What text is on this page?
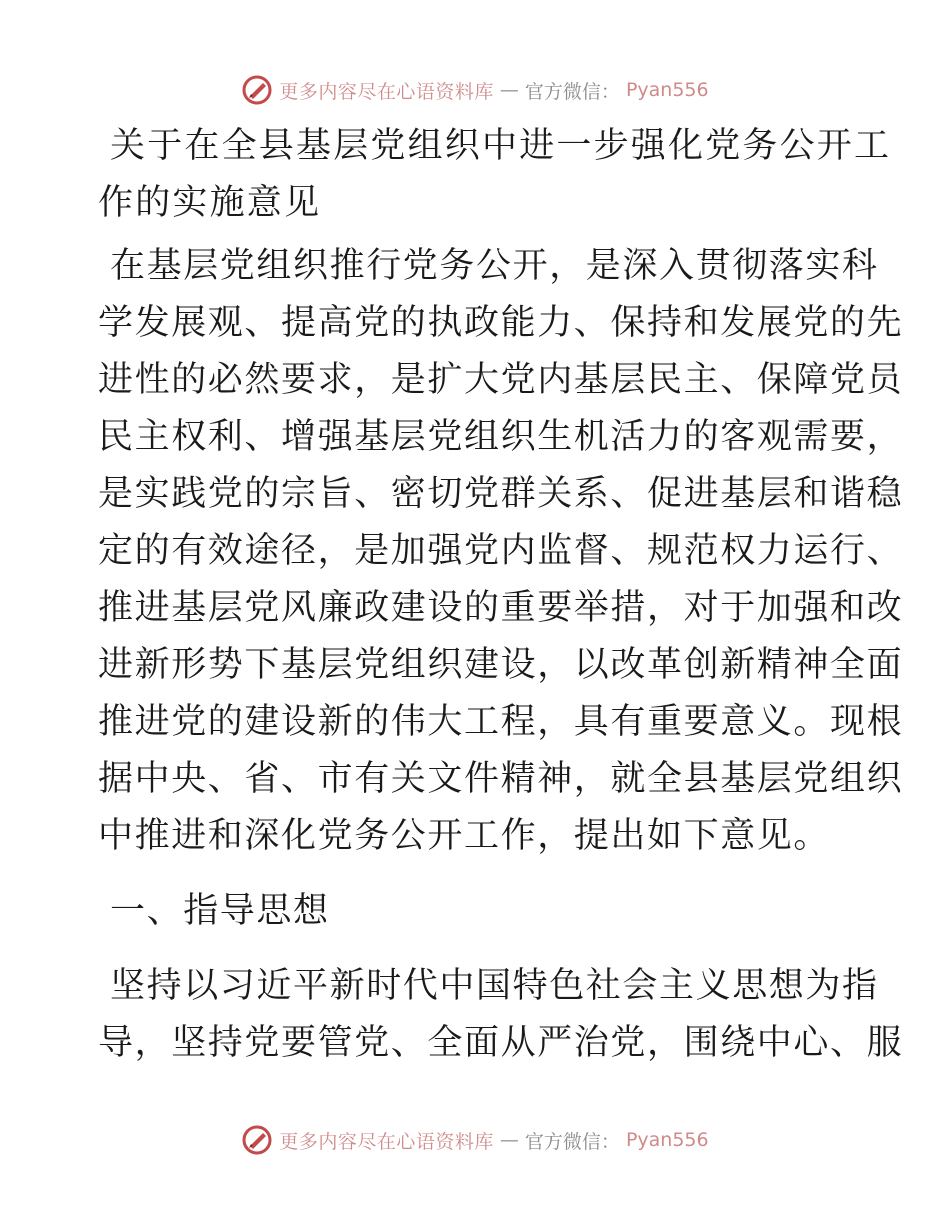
更多内容尽在心语资料库 — 官方微信： Pyan556
关于在全县基层党组织中进一步强化党务公开工
作的实施意见
在基层党组织推行党务公开，是深入贯彻落实科
学发展观、提高党的执政能力、保持和发展党的先
进性的必然要求，是扩大党内基层民主、保障党员
民主权利、增强基层党组织生机活力的客观需要，
是实践党的宗旨、密切党群关系、促进基层和谐稳
定的有效途径，是加强党内监督、规范权力运行、
推进基层党风廉政建设的重要举措，对于加强和改
进新形势下基层党组织建设，以改革创新精神全面
推进党的建设新的伟大工程，具有重要意义。现根
据中央、省、市有关文件精神，就全县基层党组织
中推进和深化党务公开工作，提出如下意见。
一、指导思想
坚持以习近平新时代中国特色社会主义思想为指
导，坚持党要管党、全面从严治党，围绕中心、服
更多内容尽在心语资料库 — 官方微信： Pyan556
